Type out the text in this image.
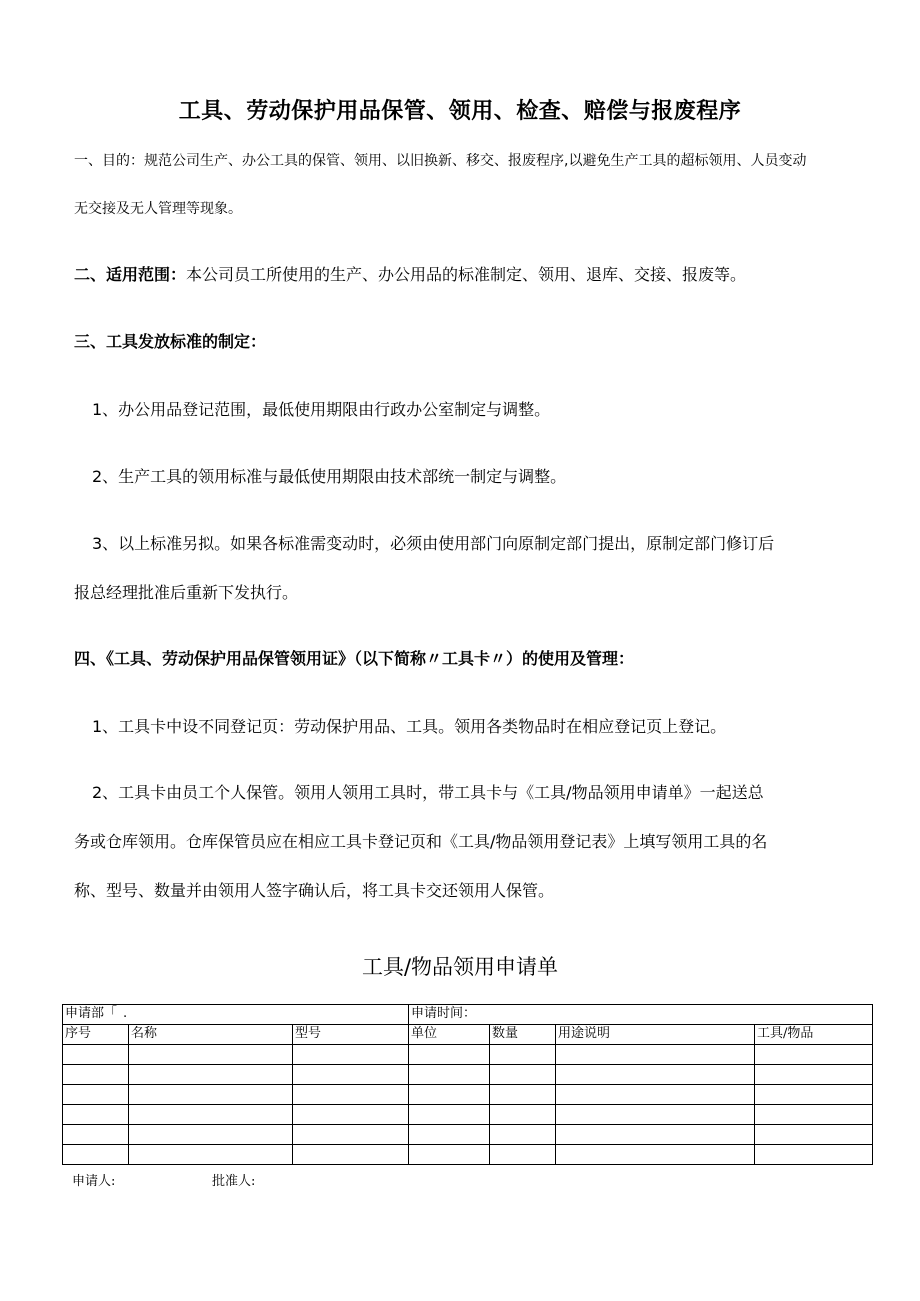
工具、劳动保护用品保管、领用、检查、赔偿与报废程序
一、目的：规范公司生产、办公工具的保管、领用、以旧换新、移交、报废程序,以避免生产工具的超标领用、人员变动
无交接及无人管理等现象。
二、适用范围：本公司员工所使用的生产、办公用品的标准制定、领用、退库、交接、报废等。
三、工具发放标准的制定：
1、办公用品登记范围，最低使用期限由行政办公室制定与调整。
2、生产工具的领用标准与最低使用期限由技术部统一制定与调整。
3、以上标准另拟。如果各标准需变动时，必须由使用部门向原制定部门提出，原制定部门修订后
报总经理批准后重新下发执行。
四、《工具、劳动保护用品保管领用证》（以下简称〃工具卡〃）的使用及管理：
1、工具卡中设不同登记页：劳动保护用品、工具。领用各类物品时在相应登记页上登记。
2、工具卡由员工个人保管。领用人领用工具时，带工具卡与《工具/物品领用申请单》一起送总
务或仓库领用。仓库保管员应在相应工具卡登记页和《工具/物品领用登记表》上填写领用工具的名
称、型号、数量并由领用人签字确认后，将工具卡交还领用人保管。
工具/物品领用申请单
申请部「 .			申请时间：			
序号	名称	型号	单位	数量	用途说明	工具/物品

申请人:	批准人:
